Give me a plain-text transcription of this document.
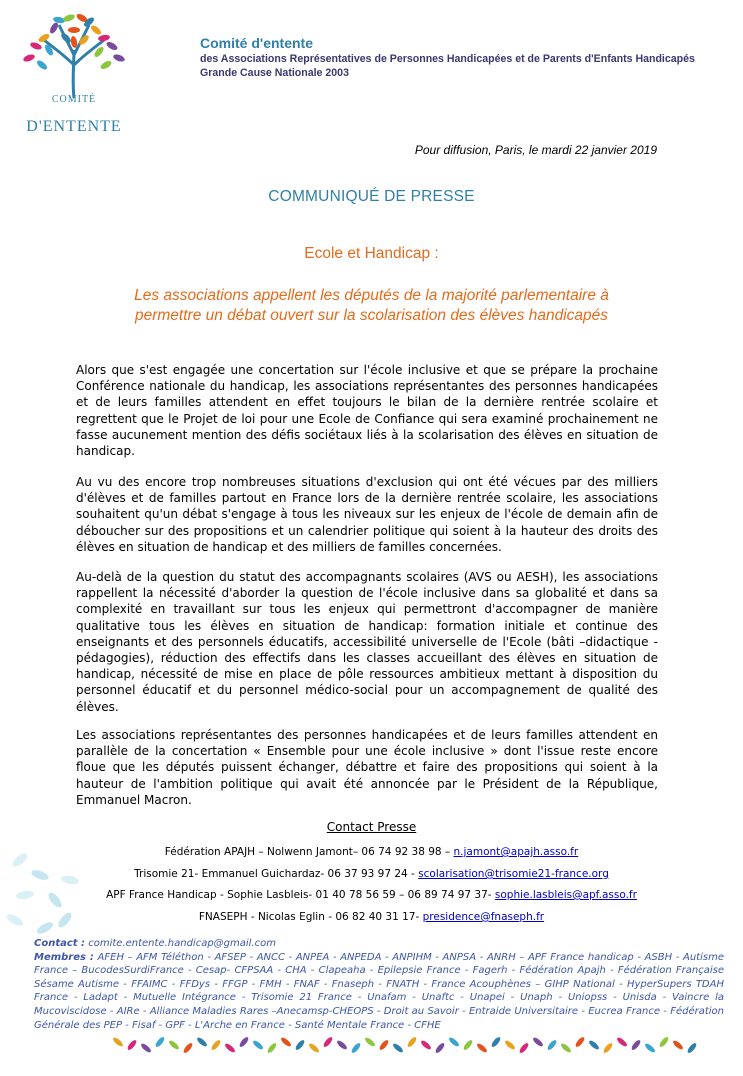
COMITÉ
D'ENTENTE
Comité d'entente
des Associations Représentatives de Personnes Handicapées et de Parents d'Enfants Handicapés
Grande Cause Nationale 2003
Pour diffusion, Paris, le mardi 22 janvier 2019
COMMUNIQUÉ DE PRESSE
Ecole et Handicap :
Les associations appellent les députés de la majorité parlementaire à
permettre un débat ouvert sur la scolarisation des élèves handicapés
Alors que s'est engagée une concertation sur l'école inclusive et que se prépare la prochaine Conférence nationale du handicap, les associations représentantes des personnes handicapées et de leurs familles attendent en effet toujours le bilan de la dernière rentrée scolaire et regrettent que le Projet de loi pour une Ecole de Confiance qui sera examiné prochainement ne fasse aucunement mention des défis sociétaux liés à la scolarisation des élèves en situation de handicap.
Au vu des encore trop nombreuses situations d'exclusion qui ont été vécues par des milliers d'élèves et de familles partout en France lors de la dernière rentrée scolaire, les associations souhaitent qu'un débat s'engage à tous les niveaux sur les enjeux de l'école de demain afin de déboucher sur des propositions et un calendrier politique qui soient à la hauteur des droits des élèves en situation de handicap et des milliers de familles concernées.
Au-delà de la question du statut des accompagnants scolaires (AVS ou AESH), les associations rappellent la nécessité d'aborder la question de l'école inclusive dans sa globalité et dans sa complexité en travaillant sur tous les enjeux qui permettront d'accompagner de manière qualitative tous les élèves en situation de handicap: formation initiale et continue des enseignants et des personnels éducatifs, accessibilité universelle de l'Ecole (bâti –didactique - pédagogies), réduction des effectifs dans les classes accueillant des élèves en situation de handicap, nécessité de mise en place de pôle ressources ambitieux mettant à disposition du personnel éducatif et du personnel médico-social pour un accompagnement de qualité des élèves.
Les associations représentantes des personnes handicapées et de leurs familles attendent en parallèle de la concertation « Ensemble pour une école inclusive » dont l'issue reste encore floue que les députés puissent échanger, débattre et faire des propositions qui soient à la hauteur de l'ambition politique qui avait été annoncée par le Président de la République, Emmanuel Macron.
Contact Presse
Fédération APAJH – Nolwenn Jamont– 06 74 92 38 98 – n.jamont@apajh.asso.fr
Trisomie 21- Emmanuel Guichardaz- 06 37 93 97 24 - scolarisation@trisomie21-france.org
APF France Handicap - Sophie Lasbleis- 01 40 78 56 59 – 06 89 74 97 37- sophie.lasbleis@apf.asso.fr
FNASEPH - Nicolas Eglin - 06 82 40 31 17- presidence@fnaseph.fr
Contact : comite.entente.handicap@gmail.com
Membres : AFEH – AFM Téléthon - AFSEP - ANCC - ANPEA - ANPEDA - ANPIHM - ANPSA - ANRH – APF France handicap - ASBH - Autisme France – BucodesSurdiFrance - Cesap- CFPSAA - CHA - Clapeaha - Epilepsie France - Fagerh - Fédération Apajh - Fédération Française Sésame Autisme - FFAIMC - FFDys - FFGP - FMH - FNAF - Fnaseph - FNATH - France Acouphènes – GIHP National - HyperSupers TDAH France - Ladapt - Mutuelle Intégrance - Trisomie 21 France - Unafam - Unaftc - Unapei - Unaph - Uniopss - Unisda - Vaincre la Mucoviscidose - AIRe - Alliance Maladies Rares –Anecamsp-CHEOPS - Droit au Savoir - Entraide Universitaire - Eucrea France - Fédération Générale des PEP - Fisaf - GPF - L'Arche en France - Santé Mentale France - CFHE
